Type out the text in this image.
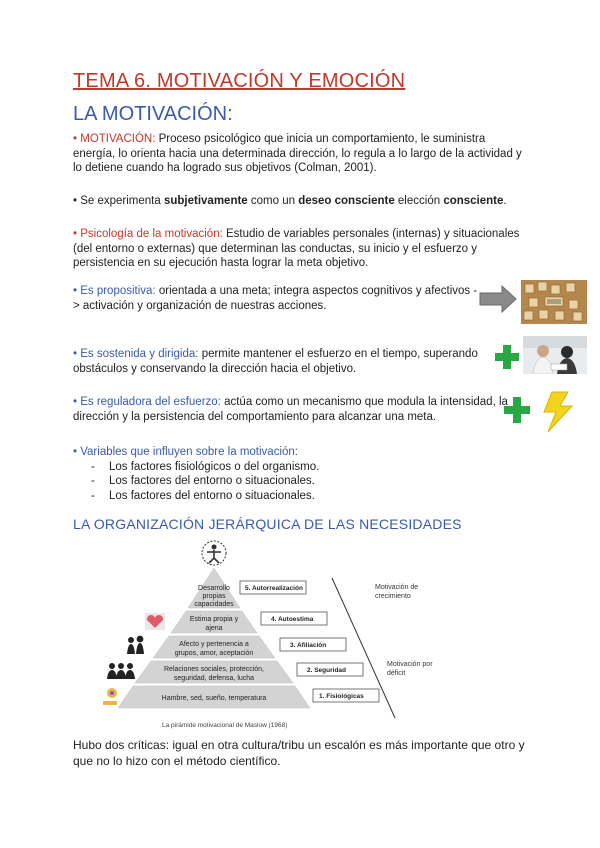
TEMA 6. MOTIVACIÓN Y EMOCIÓN
LA MOTIVACIÓN:

• MOTIVACIÓN: Proceso psicológico que inicia un comportamiento, le suministra energía, lo orienta hacia una determinada dirección, lo regula a lo largo de la actividad y lo detiene cuando ha logrado sus objetivos (Colman, 2001).

• Se experimenta subjetivamente como un deseo consciente elección consciente.

• Psicología de la motivación: Estudio de variables personales (internas) y situacionales (del entorno o externas) que determinan las conductas, su inicio y el esfuerzo y persistencia en su ejecución hasta lograr la meta objetivo.

• Es propositiva: orientada a una meta; integra aspectos cognitivos y afectivos -> activación y organización de nuestras acciones.

• Es sostenida y dirigida: permite mantener el esfuerzo en el tiempo, superando obstáculos y conservando la dirección hacia el objetivo.

• Es reguladora del esfuerzo: actúa como un mecanismo que modula la intensidad, la dirección y la persistencia del comportamiento para alcanzar una meta.

• Variables que influyen sobre la motivación:
- Los factores fisiológicos o del organismo.
- Los factores del entorno o situacionales.
- Los factores del entorno o situacionales.
LA ORGANIZACIÓN JERÁRQUICA DE LAS NECESIDADES
Desarrollo
propias
capacidades
Estima propia y
ajena
Afecto y pertenencia a
grupos, amor, aceptación
Relaciones sociales, protección,
seguridad, defensa, lucha
Hambre, sed, sueño, temperatura
5. Autorrealización
4. Autoestima
3. Afiliación
2. Seguridad
1. Fisiológicas
Motivación de
crecimiento
Motivación por
déficit
La pirámide motivacional de Maslow (1968)

Hubo dos críticas: igual en otra cultura/tribu un escalón es más importante que otro y que no lo hizo con el método científico.
